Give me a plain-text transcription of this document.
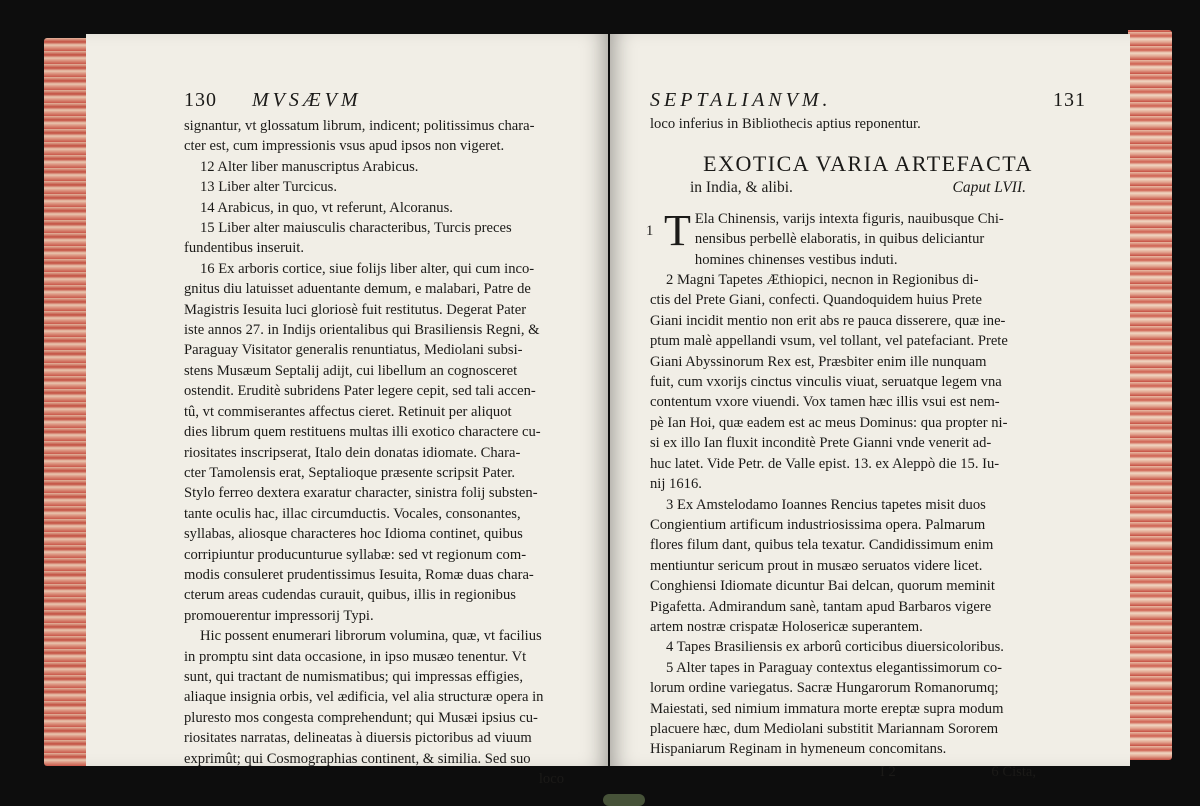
130 MVSÆVM
signantur, vt glossatum librum, indicent; politissimus chara-
cter est, cum impressionis vsus apud ipsos non vigeret.
12 Alter liber manuscriptus Arabicus.
13 Liber alter Turcicus.
14 Arabicus, in quo, vt referunt, Alcoranus.
15 Liber alter maiusculis characteribus, Turcis preces
fundentibus inseruit.
16 Ex arboris cortice, siue folijs liber alter, qui cum inco-
gnitus diu latuisset aduentante demum, e malabari, Patre de
Magistris Iesuita luci gloriosè fuit restitutus. Degerat Pater
iste annos 27. in Indijs orientalibus qui Brasiliensis Regni, &
Paraguay Visitator generalis renuntiatus, Mediolani subsi-
stens Musæum Septalij adijt, cui libellum an cognosceret
ostendit. Eruditè subridens Pater legere cepit, sed tali accen-
tû, vt commiserantes affectus cieret. Retinuit per aliquot
dies librum quem restituens multas illi exotico charactere cu-
riositates inscripserat, Italo dein donatas idiomate. Chara-
cter Tamolensis erat, Septalioque præsente scripsit Pater.
Stylo ferreo dextera exaratur character, sinistra folij substen-
tante oculis hac, illac circumductis. Vocales, consonantes,
syllabas, aliosque characteres hoc Idioma continet, quibus
corripiuntur producunturue syllabæ: sed vt regionum com-
modis consuleret prudentissimus Iesuita, Romæ duas chara-
cterum areas cudendas curauit, quibus, illis in regionibus
promouerentur impressorij Typi.
Hic possent enumerari librorum volumina, quæ, vt facilius
in promptu sint data occasione, in ipso musæo tenentur. Vt
sunt, qui tractant de numismatibus; qui impressas effigies,
aliaque insignia orbis, vel ædificia, vel alia structuræ opera in
pluresto mos congesta comprehendunt; qui Musæi ipsius cu-
riositates narratas, delineatas à diuersis pictoribus ad viuum
exprimût; qui Cosmographias continent, & similia. Sed suo
loco
SEPTALIANVM.	131
loco inferius in Bibliothecis aptius reponentur.
EXOTICA VARIA ARTEFACTA
in India, & alibi.	Caput LVII.
1 T Ela Chinensis, varijs intexta figuris, nauibusque Chi-
nensibus perbellè elaboratis, in quibus deliciantur
homines chinenses vestibus induti.
2 Magni Tapetes Æthiopici, necnon in Regionibus di-
ctis del Prete Giani, confecti. Quandoquidem huius Prete
Giani incidit mentio non erit abs re pauca disserere, quæ ine-
ptum malè appellandi vsum, vel tollant, vel patefaciant. Prete
Giani Abyssinorum Rex est, Præsbiter enim ille nunquam
fuit, cum vxorijs cinctus vinculis viuat, seruatque legem vna
contentum vxore viuendi. Vox tamen hæc illis vsui est nem-
pè Ian Hoi, quæ eadem est ac meus Dominus: qua propter ni-
si ex illo Ian fluxit inconditè Prete Gianni vnde venerit ad-
huc latet. Vide Petr. de Valle epist. 13. ex Aleppò die 15. Iu-
nij 1616.
3 Ex Amstelodamo Ioannes Rencius tapetes misit duos
Congientium artificum industriosissima opera. Palmarum
flores filum dant, quibus tela texatur. Candidissimum enim
mentiuntur sericum prout in musæo seruatos videre licet.
Conghiensi Idiomate dicuntur Bai delcan, quorum meminit
Pigafetta. Admirandum sanè, tantam apud Barbaros vigere
artem nostræ crispatæ Holosericæ superantem.
4 Tapes Brasiliensis ex arborû corticibus diuersicoloribus.
5 Alter tapes in Paraguay contextus elegantissimorum co-
lorum ordine variegatus. Sacræ Hungarorum Romanorumq;
Maiestati, sed nimium immatura morte ereptæ supra modum
placuere hæc, dum Mediolani substitit Mariannam Sororem
Hispaniarum Reginam in hymeneum concomitans.
I 2	6 Cista,
